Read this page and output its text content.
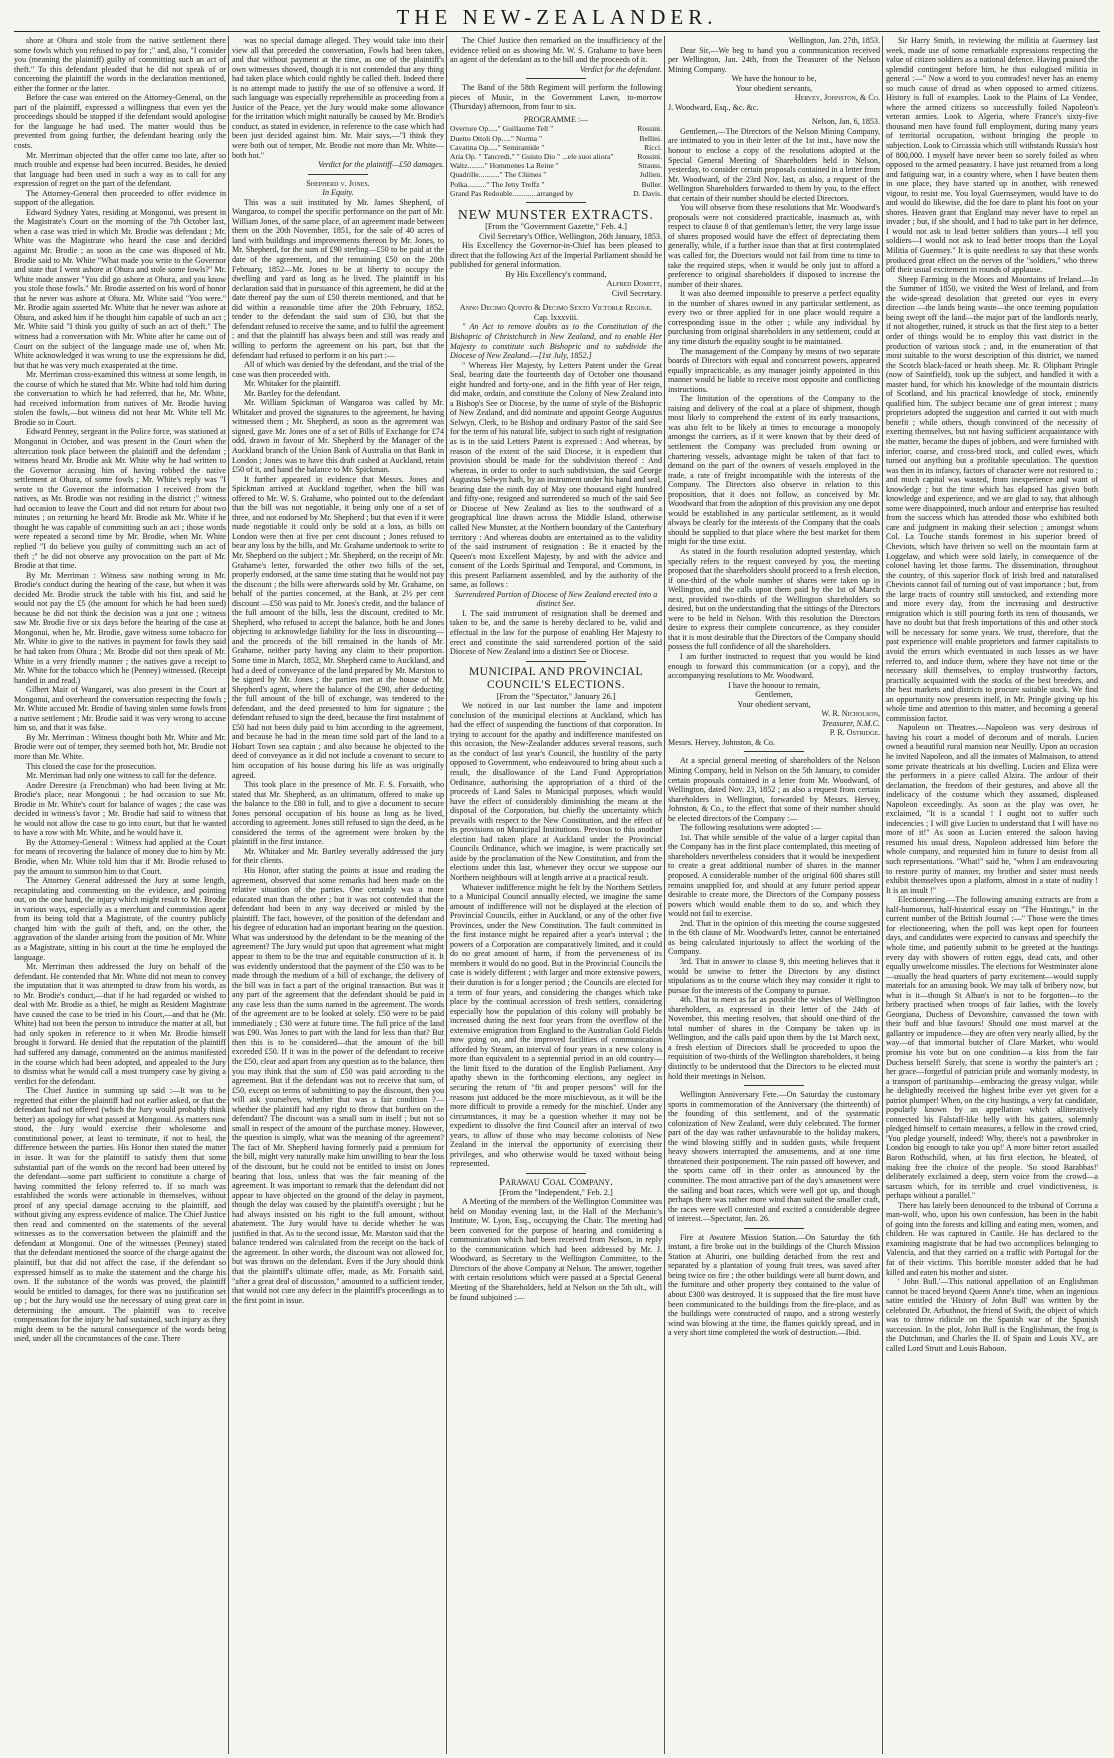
THE NEW-ZEALANDER.

shore at Ohura and stole from the native settlement there some fowls which you refused to pay for ;" and, also, "I consider you (meaning the plaintiff) guilty of committing such an act of theft." To this defendant pleaded that he did not speak of or concerning the plaintiff the words in the declaration mentioned, either the former or the latter.

Before the case was entered on the Attorney-General, on the part of the plaintiff, expressed a willingness that even yet the proceedings should be stopped if the defendant would apologise for the language he had used. The matter would thus be prevented from going further, the defendant bearing only the costs.

Mr. Merriman objected that the offer came too late, after so much trouble and expense had been incurred. Besides, he denied that language had been used in such a way as to call for any expression of regret on the part of the defendant.

The Attorney-General then proceeded to offer evidence in support of the allegation.

Edward Sydney Yates, residing at Mongonui, was present in the Magistrate's Court on the morning of the 7th October last, when a case was tried in which Mr. Brodie was defendant ; Mr. White was the Magistrate who heard the case and decided against Mr. Brodie ; as soon as the case was disposed of Mr. Brodie said to Mr. White "What made you write to the Governor and state that I went ashore at Ohura and stole some fowls?" Mr. White made answer "You did go ashore at Ohura, and you know you stole those fowls." Mr. Brodie asserted on his word of honor that he never was ashore at Ohura. Mr. White said "You were." Mr. Brodie again asserted Mr. White that he never was ashore at Ohura, and asked him if he thought him capable of such an act ; Mr. White said "I think you guilty of such an act of theft." The witness had a conversation with Mr. White after he came out of Court on the subject of the language made use of, when Mr. White acknowledged it was wrong to use the expressions he did, but that he was very much exasperated at the time.

Mr. Merriman cross-examined this witness at some length, in the course of which he stated that Mr. White had told him during the conversation to which he had referred, that he, Mr. White, had received information from natives of Mr. Brodie having stolen the fowls,—but witness did not hear Mr. White tell Mr. Brodie so in Court.

Edward Penney, sergeant in the Police force, was stationed at Mongonui in October, and was present in the Court when the altercation took place between the plaintiff and the defendant ; witness heard Mr. Brodie ask Mr. White why he had written to the Governor accusing him of having robbed the native settlement at Ohura, of some fowls ; Mr. White's reply was "I wrote to the Governor the information I received from the natives, as Mr. Brodie was not residing in the district ;" witness had occasion to leave the Court and did not return for about two minutes ; on returning he heard Mr. Brodie ask Mr. White if he thought he was capable of committing such an act ; those words were repeated a second time by Mr. Brodie, when Mr. White replied "I do believe you guilty of committing such an act of theft ;" he did not observe any provocation on the part of Mr. Brodie at that time.

By Mr. Merriman : Witness saw nothing wrong in Mr. Brodie's conduct during the hearing of the case, but when it was decided Mr. Brodie struck the table with his fist, and said he would not pay the £5 (the amount for which he had been sued) because he did not think the decision was a just one ; witness saw Mr. Brodie five or six days before the hearing of the case at Mongonui, when he, Mr. Brodie, gave witness some tobacco for Mr. White to give to the natives in payment for fowls they said he had taken from Ohura ; Mr. Brodie did not then speak of Mr. White in a very friendly manner ; the natives gave a receipt to Mr. White for the tobacco which he (Penney) witnessed. (Receipt handed in and read.)

Gilbert Mair of Wangarei, was also present in the Court at Mongonui, and overheard the conversation respecting the fowls ; Mr. White accused Mr. Brodie of having stolen some fowls from a native settlement ; Mr. Brodie said it was very wrong to accuse him so, and that it was false.

By Mr. Merriman : Witness thought both Mr. White and Mr. Brodie were out of temper, they seemed both hot, Mr. Brodie not more than Mr. White.

This closed the case for the prosecution.

Mr. Merriman had only one witness to call for the defence.

Andre Derestre (a Frenchman) who had been living at Mr. Brodie's place, near Mongonui ; he had occasion to sue Mr. Brodie in Mr. White's court for balance of wages ; the case was decided in witness's favor ; Mr. Brodie had said to witness that he would not allow the case to go into court, but that he wanted to have a row with Mr. White, and he would have it.

By the Attorney-General : Witness had applied at the Court for means of recovering the balance of money due to him by Mr. Brodie, when Mr. White told him that if Mr. Brodie refused to pay the amount to summon him to that Court.

The Attorney General addressed the Jury at some length, recapitulating and commenting on the evidence, and pointing out, on the one hand, the injury which might result to Mr. Brodie in various ways, especially as a merchant and commission agent from its being told that a Magistrate, of the country publicly charged him with the guilt of theft, and, on the other, the aggravation of the slander arising from the position of Mr. White as a Magistrate, sitting in his court at the time he employed the language.

Mr. Merriman then addressed the Jury on behalf of the defendant. He contended that Mr. White did not mean to convey the imputation that it was attempted to draw from his words, as to Mr. Brodie's conduct,—that if he had regarded or wished to deal with Mr. Brodie as a thief, he might as Resident Magistrate have caused the case to be tried in his Court,—and that he (Mr. White) had not been the person to introduce the matter at all, but had only spoken in reference to it when Mr. Brodie himself brought it forward. He denied that the reputation of the plaintiff had suffered any damage, commented on the animus manifested in the course which had been adopted, and appealed to the Jury to dismiss what he would call a most trumpery case by giving a verdict for the defendant.

The Chief Justice in summing up said :—It was to be regretted that either the plaintiff had not earlier asked, or that the defendant had not offered (which the Jury would probably think better) an apology for what passed at Mongonui. As matters now stood, the Jury would exercise their wholesome and constitutional power, at least to terminate, if not to heal, the difference between the parties. His Honor then stated the matter in issue. It was for the plaintiff to satisfy them that some substantial part of the words on the record had been uttered by the defendant—some part sufficient to constitute a charge of having committed the felony referred to. If so much was established the words were actionable in themselves, without proof of any special damage accruing to the plaintiff, and without giving any express evidence of malice. The Chief Justice then read and commented on the statements of the several witnesses as to the conversation between the plaintiff and the defendant at Mongonui. One of the witnesses (Penney) stated that the defendant mentioned the source of the charge against the plaintiff, but that did not affect the case, if the defendant so expressed himself as to make the statement and the charge his own. If the substance of the words was proved, the plaintiff would be entitled to damages, for there was no justification set up ; but the Jury would use the necessary of using great care in determining the amount. The plaintiff was to receive compensation for the injury he had sustained, such injury as they might deem to be the natural consequence of the words being used, under all the circumstances of the case. There

was no special damage alleged. They would take into their view all that preceded the conversation, Fowls had been taken, and that without payment at the time, as one of the plaintiff's own witnesses showed, though it is not contended that any thing had taken place which could rightly be called theft. Indeed there is no attempt made to justify the use of so offensive a word. If such language was especially reprehensible as proceeding from a Justice of the Peace, yet the Jury would make some allowance for the irritation which might naturally be caused by Mr. Brodie's conduct, as stated in evidence, in reference to the case which had been just decided against him. Mr. Mair says,—"I think they were both out of temper, Mr. Brodie not more than Mr. White—both hot."

Verdict for the plaintiff—£50 damages.

Shepherd v. Jones.

In Equity.

This was a suit instituted by Mr. James Shepherd, of Wangaroa, to compel the specific performance on the part of Mr. William Jones, of the same place, of an agreement made between them on the 20th November, 1851, for the sale of 40 acres of land with buildings and improvements thereon by Mr. Jones, to Mr. Shepherd, for the sum of £90 sterling—£50 to be paid at the date of the agreement, and the remaining £50 on the 20th February, 1852—Mr. Jones to be at liberty to occupy the dwelling and yard as long as he lived. The plaintiff in his declaration said that in pursuance of this agreement, he did at the date thereof pay the sum of £50 therein mentioned, and that he did within a reasonable time after the 20th February, 1852, tender to the defendant the said sum of £30, but that the defendant refused to receive the same, and to fulfil the agreement ; and that the plaintiff has always been and still was ready and willing to perform the agreement on his part, but that the defendant had refused to perform it on his part :—

All of which was denied by the defendant, and the trial of the case was then proceeded with.

Mr. Whitaker for the plaintiff.

Mr. Bartley for the defendant.

Mr. William Spickman of Wangaroa was called by Mr. Whitaker and proved the signatures to the agreement, he having witnessed them ; Mr. Shepherd, as soon as the agreement was signed, gave Mr. Jones one of a set of Bills of Exchange for £74 odd, drawn in favour of Mr. Shepherd by the Manager of the Auckland branch of the Union Bank of Australia on that Bank in London ; Jones was to have this draft cashed at Auckland, retain £50 of it, and hand the balance to Mr. Spickman.

It further appeared in evidence that Messrs. Jones and Spickman arrived at Auckland together, when the bill was offered to Mr. W. S. Grahame, who pointed out to the defendant that the bill was not negotiable, it being only one of a set of three, and not endorsed by Mr. Shepherd ; but that even if it were made negotiable it could only be sold at a loss, as bills on London were then at five per cent discount ; Jones refused to bear any loss by the bills, and Mr. Grahame undertook to write to Mr. Shepherd on the subject ; Mr. Shepherd, on the receipt of Mr. Grahame's letter, forwarded the other two bills of the set, properly endorsed, at the same time stating that he would not pay the discount ; the bills were afterwards sold by Mr. Grahame, on behalf of the parties concerned, at the Bank, at 2½ per cent discount —£50 was paid to Mr. Jones's credit, and the balance of the full amount of the bills, less the discount, credited to Mr. Shepherd, who refused to accept the balance, both he and Jones objecting to acknowledge liability for the loss in discounting—and the proceeds of the bill remained in the hands of Mr. Grahame, neither party having any claim to their proportion. Some time in March, 1852, Mr. Shepherd came to Auckland, and had a deed of conveyance of the land prepared by Mr. Marston to be signed by Mr. Jones ; the parties met at the house of Mr. Shepherd's agent, where the balance of the £90, after deducting the full amount of the bill of exchange, was tendered to the defendant, and the deed presented to him for signature ; the defendant refused to sign the deed, because the first instalment of £50 had not been duly paid to him according to the agreement, and because he had in the mean time sold part of the land to a Hobart Town sea captain ; and also because he objected to the deed of conveyance as it did not include a covenant to secure to him occupation of his house during his life as was originally agreed.

This took place in the presence of Mr. F. S. Forsaith, who stated that Mr. Shepherd, as an ultimatum, offered to make up the balance to the £80 in full, and to give a document to secure Jones personal occupation of his house as long as he lived, according to agreement. Jones still refused to sign the deed, as he considered the terms of the agreement were broken by the plaintiff in the first instance.

Mr. Whitaker and Mr. Bartley severally addressed the jury for their clients.

His Honor, after stating the points at issue and reading the agreement, observed that some remarks had been made on the relative situation of the parties. One certainly was a more educated man than the other ; but it was not contended that the defendant had been in any way deceived or misled by the plaintiff. The fact, however, of the position of the defendant and his degree of education had an important bearing on the question. What was understood by the defendant to be the meaning of the agreement? The Jury would put upon that agreement what might appear to them to be the true and equitable construction of it. It was evidently understood that the payment of the £50 was to be made through the medium of a bill of exchange, the delivery of the bill was in fact a part of the original transaction. But was it any part of the agreement that the defendant should be paid in any case less than the sums named in the agreement. The words of the agreement are to be looked at solely. £50 were to be paid immediately ; £30 were at future time. The full price of the land was £90. Was Jones to part with the land for less than that? But then this is to be considered—that the amount of the bill exceeded £50. If it was in the power of the defendant to receive the £50, clear and apart from any question as to the balance, then you may think that the sum of £50 was paid according to the agreement. But if the defendant was not to receive that sum, of £50, except on terms of submitting to pay the discount, then you will ask yourselves, whether that was a fair condition ?—whether the plaintiff had any right to throw that burthen on the defendant? The discount was a small sum in itself ; but not so small in respect of the amount of the purchase money. However, the question is simply, what was the meaning of the agreement? The fact of Mr. Shepherd having formerly paid a premium for the bill, might very naturally make him unwilling to bear the loss of the discount, but he could not be entitled to insist on Jones bearing that loss, unless that was the fair meaning of the agreement. It was important to remark that the defendant did not appear to have objected on the ground of the delay in payment, though the delay was caused by the plaintiff's oversight ; but he had always insisted on his right to the full amount, without abatement. The Jury would have to decide whether he was justified in that. As to the second issue, Mr. Marston said that the balance tendered was calculated from the receipt on the back of the agreement. In other words, the discount was not allowed for, but was thrown on the defendant. Even if the Jury should think that the plaintiff's ultimate offer, made, as Mr. Forsaith said, "after a great deal of discussion," amounted to a sufficient tender, that would not cure any defect in the plaintiff's proceedings as to the first point in issue.

The Chief Justice then remarked on the insufficiency of the evidence relied on as showing Mr. W. S. Grahame to have been an agent of the defendant as to the bill and the proceeds of it.

Verdict for the defendant.

The Band of the 58th Regiment will perform the following pieces of Music, in the Government Lawn, to-morrow (Thursday) afternoon, from four to six.

PROGRAMME :—

Overture Op....." Guillaume Tell "	Rossini.
Duetto Ottoli Op....." Norma "	Bellini.
Cavatina Op....." Semiramide "	Ricci.
Aria Op. " Tancredi," " Guisto Dio " ...ele suoi aliora"	Rossini.
Waltz........." Hommenes La Reine "	Strauss.
Quadrille..........." The Chimes "	Jullien.
Polka.........." The Jetty Treffz "	Buller.
Grand Pas Redouble.............arranged by	D. Davis.

NEW MUNSTER EXTRACTS.

[From the "Government Gazette," Feb. 4.]

Civil Secretary's Office, Wellington, 26th January, 1853.

His Excellency the Governor-in-Chief has been pleased to direct that the following Act of the Imperial Parliament should be published for general information.

By His Excellency's command,

Alfred Domett,

Civil Secretary.

Anno Decimo Quinto & Decimo Sexto Victoriæ Reginæ.

Cap. lxxxviii.

" An Act to remove doubts as to the Constitution of the Bishopric of Christchurch in New Zealand, and to enable Her Majesty to constitute such Bishopric and to subdivide the Diocese of New Zealand.—[1st July, 1852.]

" Whereas Her Majesty, by Letters Patent under the Great Seal, bearing date the fourteenth day of October one thousand eight hundred and forty-one, and in the fifth year of Her reign, did make, ordain, and constitute the Colony of New Zealand into a Bishop's See or Diocese, by the name of style of the Bishopric of New Zealand, and did nominate and appoint George Augustus Selwyn, Clerk, to be Bishop and ordinary Pastor of the said See for the term of his natural life, subject to such right of resignation as is in the said Letters Patent is expressed : And whereas, by reason of the extent of the said Diocese, it is expedient that provision should be made for the subdivision thereof : And whereas, in order to order to such subdivision, the said George Augustus Selwyn hath, by an instrument under his hand and seal, bearing date the ninth day of May one thousand eight hundred and fifty-one, resigned and surrendered so much of the said See or Diocese of New Zealand as lies to the southward of a geographical line drawn across the Middle Island, otherwise called New Munster, at the Northern boundary of the Canterbury territory : And whereas doubts are entertained as to the validity of the said instrument of resignation : Be it enacted by the Queen's most Excellent Majesty, by and with the advice and consent of the Lords Spiritual and Temporal, and Commons, in this present Parliament assembled, and by the authority of the same, as follows :

Surrendered Portion of Diocese of New Zealand erected into a distinct See.

I. The said instrument of resignation shall be deemed and taken to be, and the same is hereby declared to be, valid and effectual in the law for the purpose of enabling Her Majesty to erect and constitute the said surrendered portion of the said Diocese of New Zealand into a distinct See or Diocese.

MUNICIPAL AND PROVINCIAL COUNCIL'S ELECTIONS.

[From the "Spectator," January 26.]

We noticed in our last number the lame and impotent conclusion of the municipal elections at Auckland, which has had the effect of suspending the functions of that corporation. In trying to account for the apathy and indifference manifested on this occasion, the New-Zealander adduces several reasons, such as the conduct of last year's Council, the hostility of the party opposed to Government, who endeavoured to bring about such a result, the disallowance of the Land Fund Appropriation Ordinance, authorising the appropriation of a third of the proceeds of Land Sales to Municipal purposes, which would have the effect of considerably diminishing the means at the disposal of the Corporation, but chiefly the uncertainty which prevails with respect to the New Constitution, and the effect of its provisions on Municipal Institutions. Previous to this another election had taken place at Auckland under the Provincial Councils Ordinance, which we imagine, is were practically set aside by the proclamation of the New Constitution, and from the elections under this last, whenever they occur we suppose our Northern neighbours will at length arrive at a practical result.

Whatever indifference might be felt by the Northern Settlers to a Municipal Council annually elected, we imagine the same amount of indifference will not be displayed at the election of Provincial Councils, either in Auckland, or any of the other five Provinces, under the New Constitution. The fault committed in the first instance might be repaired after a year's interval ; the powers of a Corporation are comparatively limited, and it could do no great amount of harm, if from the perverseness of its members it would do no good. But in the Provincial Councils the case is widely different ; with larger and more extensive powers, their duration is for a longer period ; the Councils are elected for a term of four years, and considering the changes which take place by the continual accession of fresh settlers, considering especially how the population of this colony will probably be increased during the next four years from the overflow of the extensive emigration from England to the Australian Gold Fields now going on, and the improved facilities of communication afforded by Steam, an interval of four years in a new colony is more than equivalent to a septennial period in an old country—the limit fixed to the duration of the English Parliament. Any apathy shewn in the forthcoming elections, any neglect in securing the return of "fit and proper persons" will for the reasons just adduced be the more mischievous, as it will be the more difficult to provide a remedy for the mischief. Under any circumstances, it may be a question whether it may not be expedient to dissolve the first Council after an interval of two years, to allow of those who may become colonists of New Zealand in the interval the opportunity of exercising their privileges, and who otherwise would be taxed without being represented.

Parawau Coal Company.

[From the "Independent," Feb. 2.]

A Meeting of the members of the Wellington Committee was held on Monday evening last, in the Hall of the Mechanic's Institute, W. Lyon, Esq., occupying the Chair. The meeting had been convened for the purpose of hearing and considering a communication which had been received from Nelson, in reply to the communication which had been addressed by Mr. J. Woodward, as Secretary to the Wellington Committee, to the Directors of the above Company at Nelson. The answer, together with certain resolutions which were passed at a Special General Meeting of the Shareholders, held at Nelson on the 5th ult., will be found subjoined :—

Wellington, Jan. 27th, 1853.

Dear Sir,—We beg to hand you a communication received per Wellington, Jan. 24th, from the Treasurer of the Nelson Mining Company.

We have the honour to be,

Your obedient servants,

Hervey, Johnston, & Co.

J. Woodward, Esq., &c. &c.

Nelson, Jan. 6, 1853.

Gentlemen,—The Directors of the Nelson Mining Company, are intimated to you in their letter of the 1st inst., have now the honour to enclose a copy of the resolutions adopted at the Special General Meeting of Shareholders held in Nelson, yesterday, to consider certain proposals contained in a letter from Mr. Woodward, of the 23rd Nov. last, as also, a request of the Wellington Shareholders forwarded to them by you, to the effect that certain of their number should be elected Directors.

You will observe from these resolutions that Mr. Woodward's proposals were not considered practicable, inasmuch as, with respect to clause 8 of that gentleman's letter, the very large issue of shares proposed would have the effect of depreciating them generally, while, if a further issue than that at first contemplated was called for, the Directors would not fail from time to time to take the required steps, when it would be only just to afford a preference to original shareholders if disposed to increase the number of their shares.

It was also deemed impossible to preserve a perfect equality in the number of shares owned in any particular settlement, as every two or three applied for in one place would require a corresponding issue in the other ; while any individual by purchasing from original shareholders in any settlement, could at any time disturb the equality sought to be maintained.

The management of the Company by means of two separate boards of Directors with equal and concurrent powers, appeared equally impracticable, as any manager jointly appointed in this manner would be liable to receive most opposite and conflicting instructions.

The limitation of the operations of the Company to the raising and delivery of the coal at a place of shipment, though most likely to comprehend the extent of its early transactions, was also felt to be likely at times to encourage a monopoly amongst the carriers, as if it were known that by their deed of settlement the Company was precluded from owning or chartering vessels, advantage might be taken of that fact to demand on the part of the owners of vessels employed in the trade, a rate of freight incompatible with the interests of the Company. The Directors also observe in relation to this proposition, that it does not follow, as conceived by Mr. Woodward that from the adoption of this provision any one depot would be established in any particular settlement, as it would always be clearly for the interests of the Company that the coals should be supplied to that place where the best market for them might for the time exist.

As stated in the fourth resolution adopted yesterday, which specially refers to the request conveyed by you, the meeting proposed that the shareholders should proceed to a fresh election, if one-third of the whole number of shares were taken up in Wellington, and the calls upon them paid by the 1st of March next, provided two-thirds of the Wellington shareholders so desired, but on the understanding that the sittings of the Directors were to be held in Nelson. With this resolution the Directors desire to express their complete concurrence, as they consider that it is most desirable that the Directors of the Company should possess the full confidence of all the shareholders.

I am further instructed to request that you would be kind enough to forward this communication (or a copy), and the accompanying resolutions to Mr. Woodward.

I have the honour to remain,

Gentlemen,

Your obedient servant,

W. R. Nicholson,

Treasurer, N.M.C.

P. R. Ostridge.

Messrs. Hervey, Johnston, & Co.

At a special general meeting of shareholders of the Nelson Mining Company, held in Nelson on the 5th January, to consider certain proposals contained in a letter from Mr. Woodward, of Wellington, dated Nov. 23, 1852 ; as also a request from certain shareholders in Wellington, forwarded by Messrs. Hervey, Johnston, & Co., to the effect that some of their number should be elected directors of the Company :—

The following resolutions were adopted :—

1st. That while sensible of the value of a larger capital than the Company has in the first place contemplated, this meeting of shareholders nevertheless considers that it would be inexpedient to create a great additional number of shares in the manner proposed. A considerable number of the original 600 shares still remains unapplied for, and should at any future period appear desirable to create more, the Directors of the Company possess powers which would enable them to do so, and which they would not fail to exercise.

2nd. That in the opinion of this meeting the course suggested in the 6th clause of Mr. Woodward's letter, cannot be entertained as being calculated injuriously to affect the working of the Company.

3rd. That in answer to clause 9, this meeting believes that it would be unwise to fetter the Directors by any distinct stipulations as to the course which they may consider it right to pursue for the interests of the Company to pursue.

4th. That to meet as far as possible the wishes of Wellington shareholders, as expressed in their letter of the 24th of November, this meeting resolves, that should one-third of the total number of shares in the Company be taken up in Wellington, and the calls paid upon them by the 1st March next, a fresh election of Directors shall be proceeded to upon the requisition of two-thirds of the Wellington shareholders, it being distinctly to be understood that the Directors to be elected must hold their meetings in Nelson.

Wellington Anniversary Fete.—On Saturday the customary sports in commemoration of the Anniversary (the thirteenth) of the founding of this settlement, and of the systematic colonization of New Zealand, were duly celebrated. The former part of the day was rather unfavourable to the holiday makers, the wind blowing stiffly and in sudden gusts, while frequent heavy showers interrupted the amusements, and at one time threatened their postponement. The rain passed off however, and the sports came off in their order as announced by the committee. The most attractive part of the day's amusement were the sailing and boat races, which were well got up, and though perhaps there was rather more wind than suited the smaller craft, the races were well contested and excited a considerable degree of interest.—Spectator, Jan. 26.

Fire at Awatere Mission Station.—On Saturday the 6th instant, a fire broke out in the buildings of the Church Mission Station at Ahuriri, one building detached from the rest and separated by a plantation of young fruit trees, was saved after being twice on fire ; the other buildings were all burnt down, and the furniture and other property they contained to the value of about £300 was destroyed. It is supposed that the fire must have been communicated to the buildings from the fire-place, and as the buildings were constructed of raupo, and a strong westerly wind was blowing at the time, the flames quickly spread, and in a very short time completed the work of destruction.—Ibid.

Sir Harry Smith, in reviewing the militia at Guernsey last week, made use of some remarkable expressions respecting the value of citizen soldiers as a national defence. Having praised the splendid contingent before him, he thus eulogised militia in general :—" Now a word to you comrades! never has an enemy so much cause of dread as when opposed to armed citizens. History is full of examples. Look to the Plains of La Vendee, where the armed citizens so successfully foiled Napoleon's veteran armies. Look to Algeria, where France's sixty-five thousand men have found full employment, during many years of territorial occupation, without bringing the people to subjection. Look to Circassia which still withstands Russia's host of 800,000. I myself have never been so sorely foiled as when opposed to the armed peasantry. I have just returned from a long and fatiguing war, in a country where, when I have beaten them in one place, they have started up in another, with renewed vigour, to resist me. You loyal Guernseymen, would have to do and would do likewise, did the foe dare to plant his foot on your shores. Heaven grant that England may never have to repel an invader ; but, if she should, and I had to take part in her defence, I would not ask to lead better soldiers than yours—I tell you soldiers—I would not ask to lead better troops than the Loyal Militia of Guernsey." It is quite needless to say that these words produced great effect on the nerves of the "soldiers," who threw off their usual excitement in rounds of applause.

Sheep Farming in the Moors and Mountains of Ireland.—In the Summer of 1850, we visited the West of Ireland, and from the wide-spread desolation that greeted our eyes in every direction —the lands being waste—the once teeming population being swept off the land—the major part of the landlords nearly, if not altogether, ruined, it struck us that the first step to a better order of things would be to employ this vast district in the production of various stock ; and, in the enumeration of that most suitable to the worst description of this district, we named the Scotch black-faced or heath sheep. Mr. R. Oliphant Pringle (now of Saintfield), took up the subject, and handled it with a master hand, for which his knowledge of the mountain districts of Scotland, and his practical knowledge of stock, eminently qualified him. The subject became one of great interest ; many proprietors adopted the suggestion and carried it out with much benefit ; while others, though convinced of the necessity of exerting themselves, but not having sufficient acquaintance with the matter, became the dupes of jobbers, and were furnished with inferior, coarse, and cross-bred stock, and culled ewes, which turned out anything but a profitable speculation. The question was then in its infancy, factors of character were not restored to ; and much capital was wasted, from inexperience and want of knowledge ; but the time which has elapsed has given both knowledge and experience, and we are glad to say, that although some were disappointed, much ardour and enterprise has resulted from the success which has attended those who exhibited both care and judgment in making their selection ; amongst whom Col. La Touche stands foremost in his superior breed of Cheviots, which have thriven so well on the mountain farm at Loggelaw, and which were sold lately, in consequence of the colonel having let those farms. The dissemination, throughout the country, of this superior flock of Irish bred and naturalised Cheviots cannot fail of turning out of vast importance ; but, from the large tracts of country still unstocked, and extending more and more every day, from the increasing and destructive emigration which is still pouring forth its tens of thousands, we have no doubt but that fresh importations of this and other stock will be necessary for some years. We trust, therefore, that the past experience will enable proprietors and farmer capitalists to avoid the errors which eventuated in such losses as we have referred to, and induce them, where they have not time or the necessary skill themselves, to employ trustworthy factors, practically acquainted with the stocks of the best breeders, and the best markets and districts to procure suitable stock. We find an opportunity now presents itself, in Mr. Pringle giving up his whole time and attention to this matter, and becoming a general commission factor.

Napoleon on Theatres.—Napoleon was very desirous of having his court a model of decorum and of morals. Lucien owned a beautiful rural mansion near Neuilly. Upon an occasion he invited Napoleon, and all the inmates of Malmaison, to attend some private theatricals at his dwelling. Lucien and Eliza were the performers in a piece called Alzira. The ardour of their declamation, the freedom of their gestures, and above all the indelicacy of the costume which they assumed, displeased Napoleon exceedingly. As soon as the play was over, he exclaimed, "It is a scandal ! I ought not to suffer such indecencies ; I will give Lucien to understand that I will have no more of it!" As soon as Lucien entered the saloon having resumed his usual dress, Napoleon addressed him before the whole company, and requested him in future to desist from all such representations. "What!" said he, "when I am endeavouring to restore purity of manner, my brother and sister must needs exhibit themselves upon a platform, almost in a state of nudity ! It is an insult !"

Electioneering.—The following amusing extracts are from a half-humorous, half-historical essay on "The Hustings," in the current number of the British Journal :—" Those were the times for electioneering, when the poll was kept open for fourteen days, and candidates were expected to canvass and speechify the whole time, and patiently submit to be greeted at the hustings every day with showers of rotten eggs, dead cats, and other equally unwelcome missiles. The elections for Westminster alone—usually the head quarters of party excitement—would supply materials for an amusing book. We may talk of bribery now, but what is it—though St Alban's is not to be forgotten—to the bribery practised when troops of fair ladies, with the lovely Georgiana, Duchess of Devonshire, canvassed the town with their buff and blue favours! Should one most marvel at the gallantry or impudence—they are often very nearly allied, by the way—of that immortal butcher of Clare Market, who would promise his vote but on one condition—a kiss from the fair Duchess herself! Surely, that scene is worthy the painter's art ; her grace—forgetful of patrician pride and womanly modesty, in a transport of partisanship—embracing the greasy vulgar, while he delightedly received the highest bribe ever yet given for a patriot plumper! When, on the city hustings, a very fat candidate, popularly known by an appellation which alliteratively connected his Falstaff-like belly with his gaiters, solemnly pledged himself to certain measures, a fellow in the crowd cried, 'You pledge yourself, indeed! Why, there's not a pawnbroker in London big enough to take you up!' A more bitter retort assailed Baron Rothschild, when, at his first election, he bleated, of making free the choice of the people. 'So stood Barabbas!' deliberately exclaimed a deep, stern voice from the crowd—a sarcasm which, for its terrible and cruel vindictiveness, is perhaps without a parallel."

There has lately been denounced to the tribunal of Corruna a man-wolf, who, upon his own confession, has been in the habit of going into the forests and killing and eating men, women, and children. He was captured in Castile. He has declared to the examining magistrate that he had two accomplices belonging to Valencia, and that they carried on a traffic with Portugal for the fat of their victims. This horrible monster added that he had killed and eaten his mother and sister.

' John Bull.'—This national appellation of an Englishman cannot be traced beyond Queen Anne's time, when an ingenious satire entitled the 'History of John Bull' was written by the celebrated Dr. Arbuthnot, the friend of Swift, the object of which was to throw ridicule on the Spanish war of the Spanish succession. In the plot, John Bull is the Englishman, the frog is the Dutchman, and Charles the II. of Spain and Louis XV., are called Lord Strutt and Louis Baboon.
